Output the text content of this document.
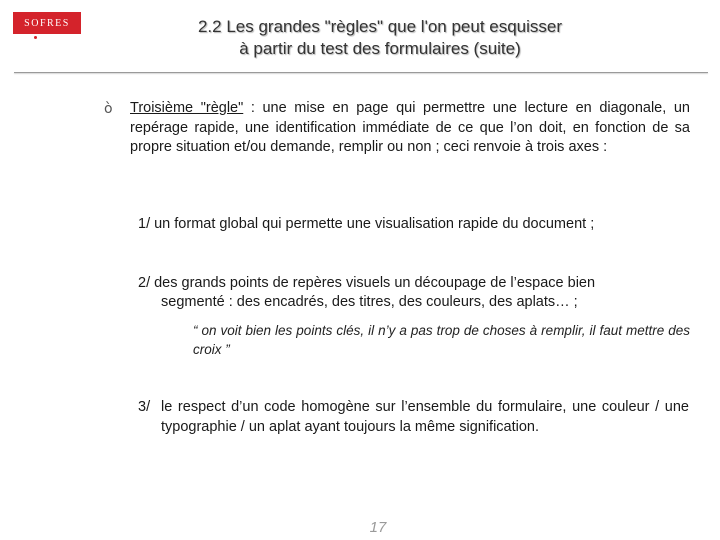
SOFRES	2.2 Les grandes "règles" que l'on peut esquisser
à partir du test des formulaires (suite)
ò Troisième "règle" : une mise en page qui permettre une lecture en diagonale, un repérage rapide, une identification immédiate de ce que l’on doit, en fonction de sa propre situation et/ou demande, remplir ou non ; ceci renvoie à trois axes :
1/ un format global qui permette une visualisation rapide du document ;
2/ des grands points de repères visuels un découpage de l’espace bien
segmenté : des encadrés, des titres, des couleurs, des aplats… ;
“ on voit bien les points clés, il n’y a pas trop de choses à remplir, il faut mettre des croix ”
3/ le respect d’un code homogène sur l’ensemble du formulaire, une couleur / une typographie / un aplat ayant toujours la même signification.
17
